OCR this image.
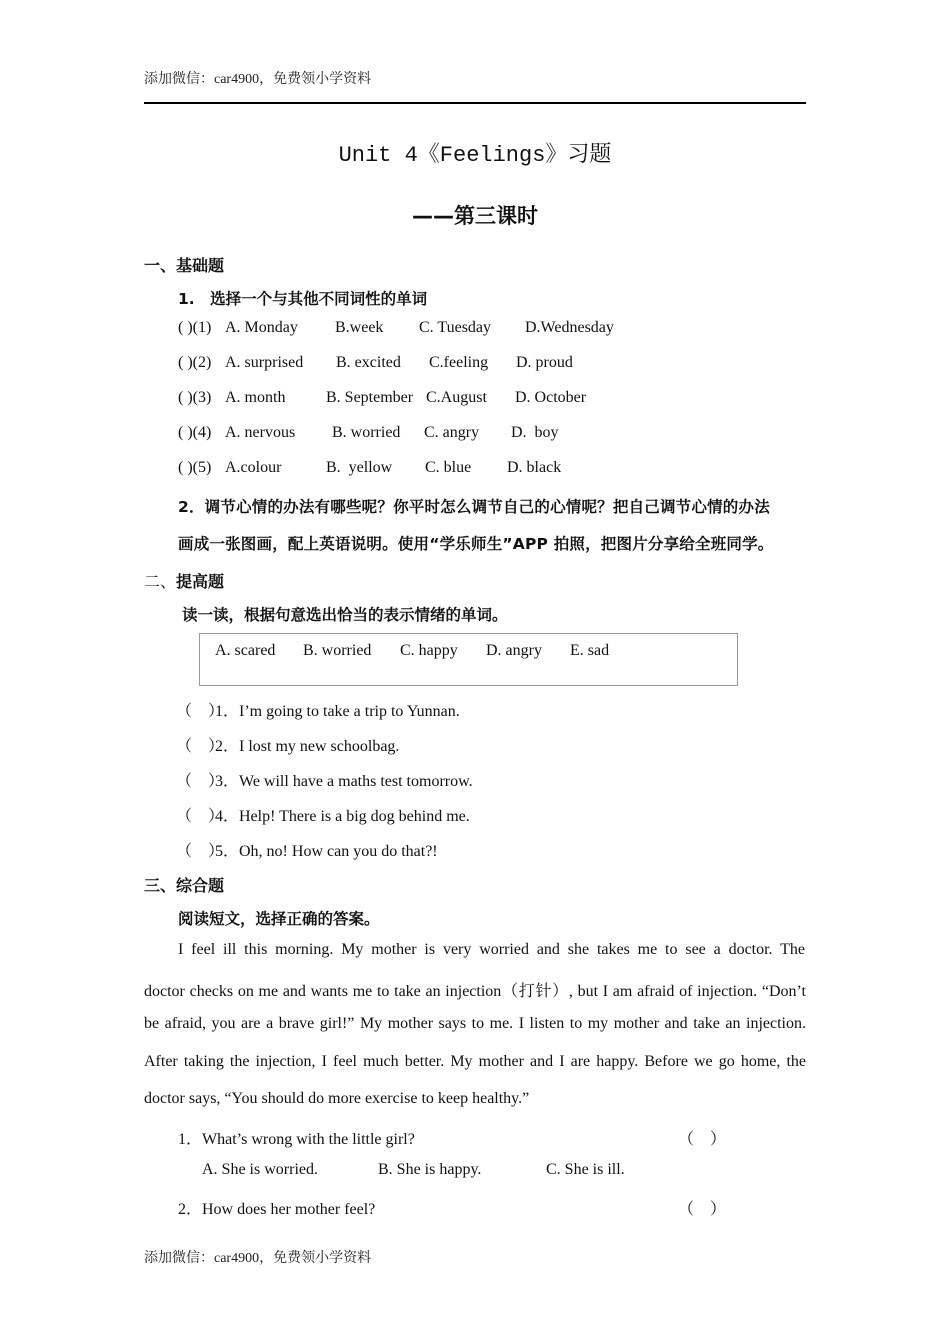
添加微信：car4900，免费领小学资料
Unit 4《Feelings》习题
——第三课时
一、基础题
1.　选择一个与其他不同词性的单词
( )(1) A. Monday B.week C. Tuesday D.Wednesday
( )(2) A. surprised B. excited C.feeling D. proud
( )(3) A. month	B. September C.August D. October
( )(4) A. nervous B. worried C. angry D.  boy
( )(5) A.colour	B.  yellow C. blue D. black
2．调节心情的办法有哪些呢？你平时怎么调节自己的心情呢？把自己调节心情的办法
画成一张图画，配上英语说明。使用“学乐师生”APP 拍照，把图片分享给全班同学。
二、提高题
读一读，根据句意选出恰当的表示情绪的单词。
A. scared B. worried C. happy D. angry E. sad
（　）1．I’m going to take a trip to Yunnan.
（　）2．I lost my new schoolbag.
（　）3．We will have a maths test tomorrow.
（　）4．Help! There is a big dog behind me.
（　）5．Oh, no! How can you do that?!
三、综合题
阅读短文，选择正确的答案。
I feel ill this morning. My mother is very worried and she takes me to see a doctor. The
doctor checks on me and wants me to take an injection（打针）, but I am afraid of injection. “Don’t
be afraid, you are a brave girl!” My mother says to me. I listen to my mother and take an injection.
After taking the injection, I feel much better. My mother and I are happy. Before we go home, the
doctor says, “You should do more exercise to keep healthy.”
1．What’s wrong with the little girl?	（　）
A. She is worried.	B. She is happy.	C. She is ill.
2．How does her mother feel?	（　）
添加微信：car4900，免费领小学资料
